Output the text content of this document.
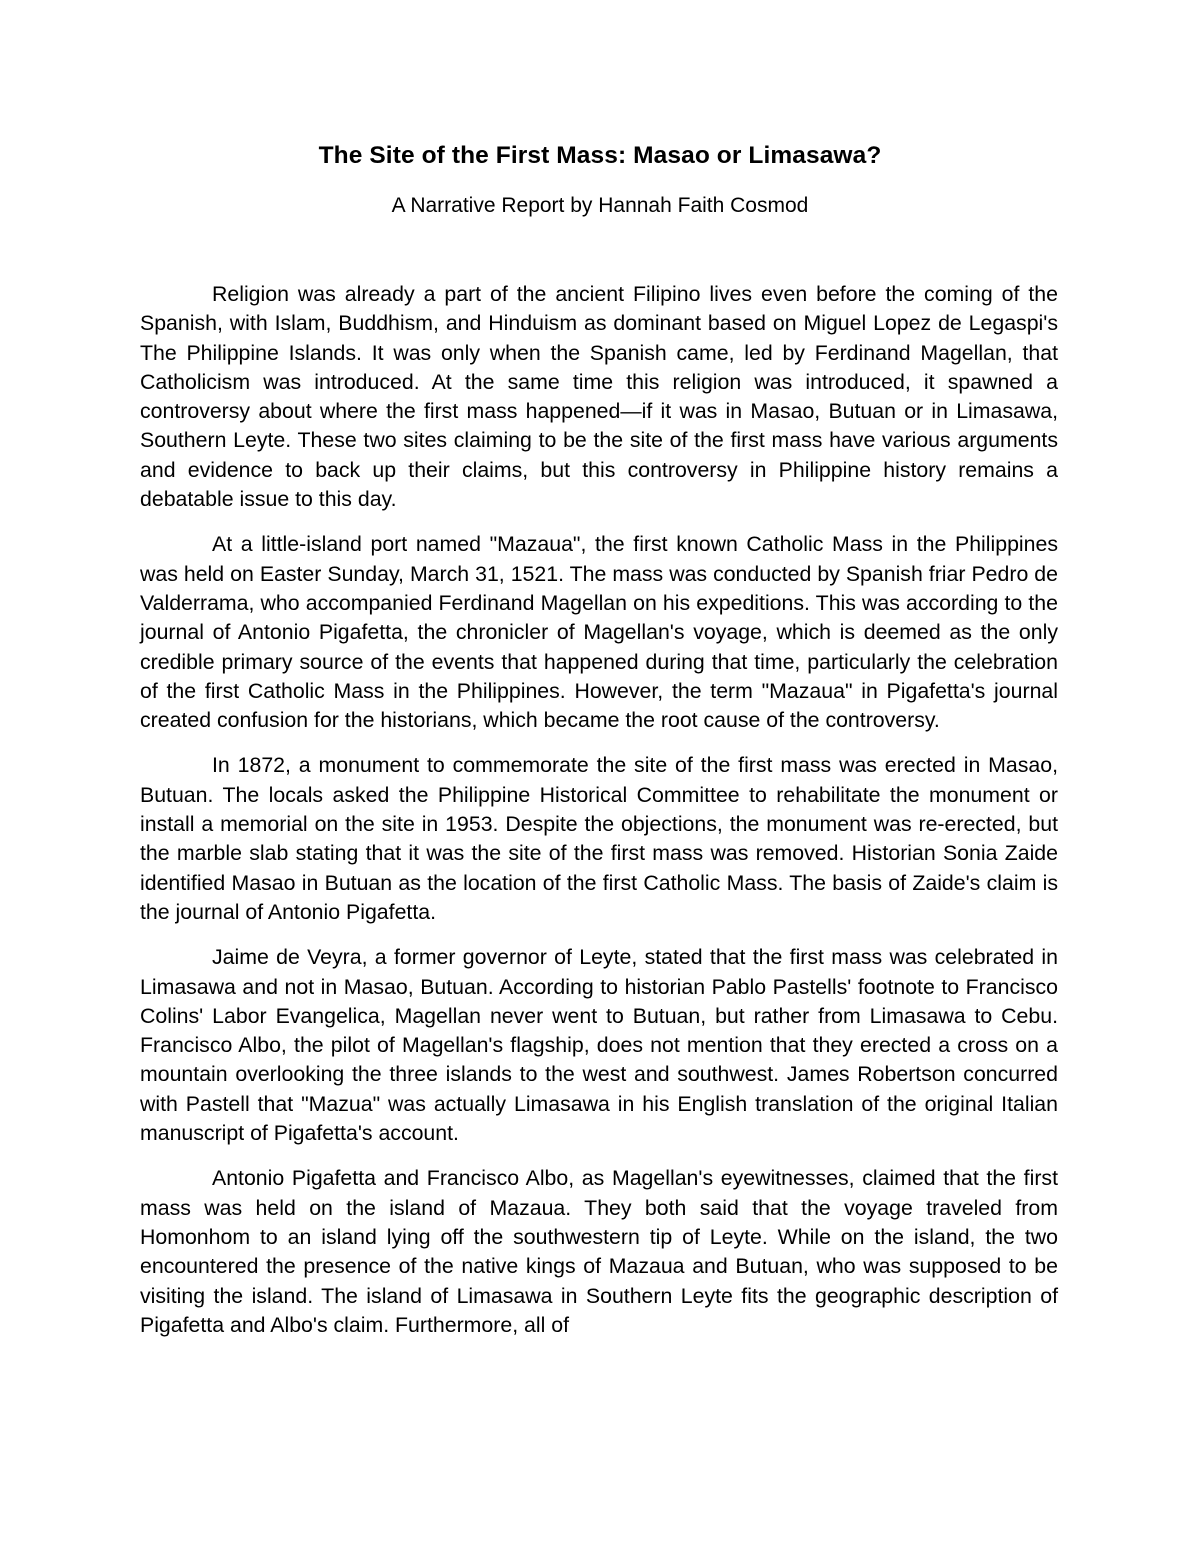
The Site of the First Mass: Masao or Limasawa?
A Narrative Report by Hannah Faith Cosmod

Religion was already a part of the ancient Filipino lives even before the coming of the Spanish, with Islam, Buddhism, and Hinduism as dominant based on Miguel Lopez de Legaspi's The Philippine Islands. It was only when the Spanish came, led by Ferdinand Magellan, that Catholicism was introduced. At the same time this religion was introduced, it spawned a controversy about where the first mass happened—if it was in Masao, Butuan or in Limasawa, Southern Leyte. These two sites claiming to be the site of the first mass have various arguments and evidence to back up their claims, but this controversy in Philippine history remains a debatable issue to this day.

At a little-island port named "Mazaua", the first known Catholic Mass in the Philippines was held on Easter Sunday, March 31, 1521. The mass was conducted by Spanish friar Pedro de Valderrama, who accompanied Ferdinand Magellan on his expeditions. This was according to the journal of Antonio Pigafetta, the chronicler of Magellan's voyage, which is deemed as the only credible primary source of the events that happened during that time, particularly the celebration of the first Catholic Mass in the Philippines. However, the term "Mazaua" in Pigafetta's journal created confusion for the historians, which became the root cause of the controversy.

In 1872, a monument to commemorate the site of the first mass was erected in Masao, Butuan. The locals asked the Philippine Historical Committee to rehabilitate the monument or install a memorial on the site in 1953. Despite the objections, the monument was re-erected, but the marble slab stating that it was the site of the first mass was removed. Historian Sonia Zaide identified Masao in Butuan as the location of the first Catholic Mass. The basis of Zaide's claim is the journal of Antonio Pigafetta.

Jaime de Veyra, a former governor of Leyte, stated that the first mass was celebrated in Limasawa and not in Masao, Butuan. According to historian Pablo Pastells' footnote to Francisco Colins' Labor Evangelica, Magellan never went to Butuan, but rather from Limasawa to Cebu. Francisco Albo, the pilot of Magellan's flagship, does not mention that they erected a cross on a mountain overlooking the three islands to the west and southwest. James Robertson concurred with Pastell that "Mazua" was actually Limasawa in his English translation of the original Italian manuscript of Pigafetta's account.

Antonio Pigafetta and Francisco Albo, as Magellan's eyewitnesses, claimed that the first mass was held on the island of Mazaua. They both said that the voyage traveled from Homonhom to an island lying off the southwestern tip of Leyte. While on the island, the two encountered the presence of the native kings of Mazaua and Butuan, who was supposed to be visiting the island. The island of Limasawa in Southern Leyte fits the geographic description of Pigafetta and Albo's claim. Furthermore, all of
